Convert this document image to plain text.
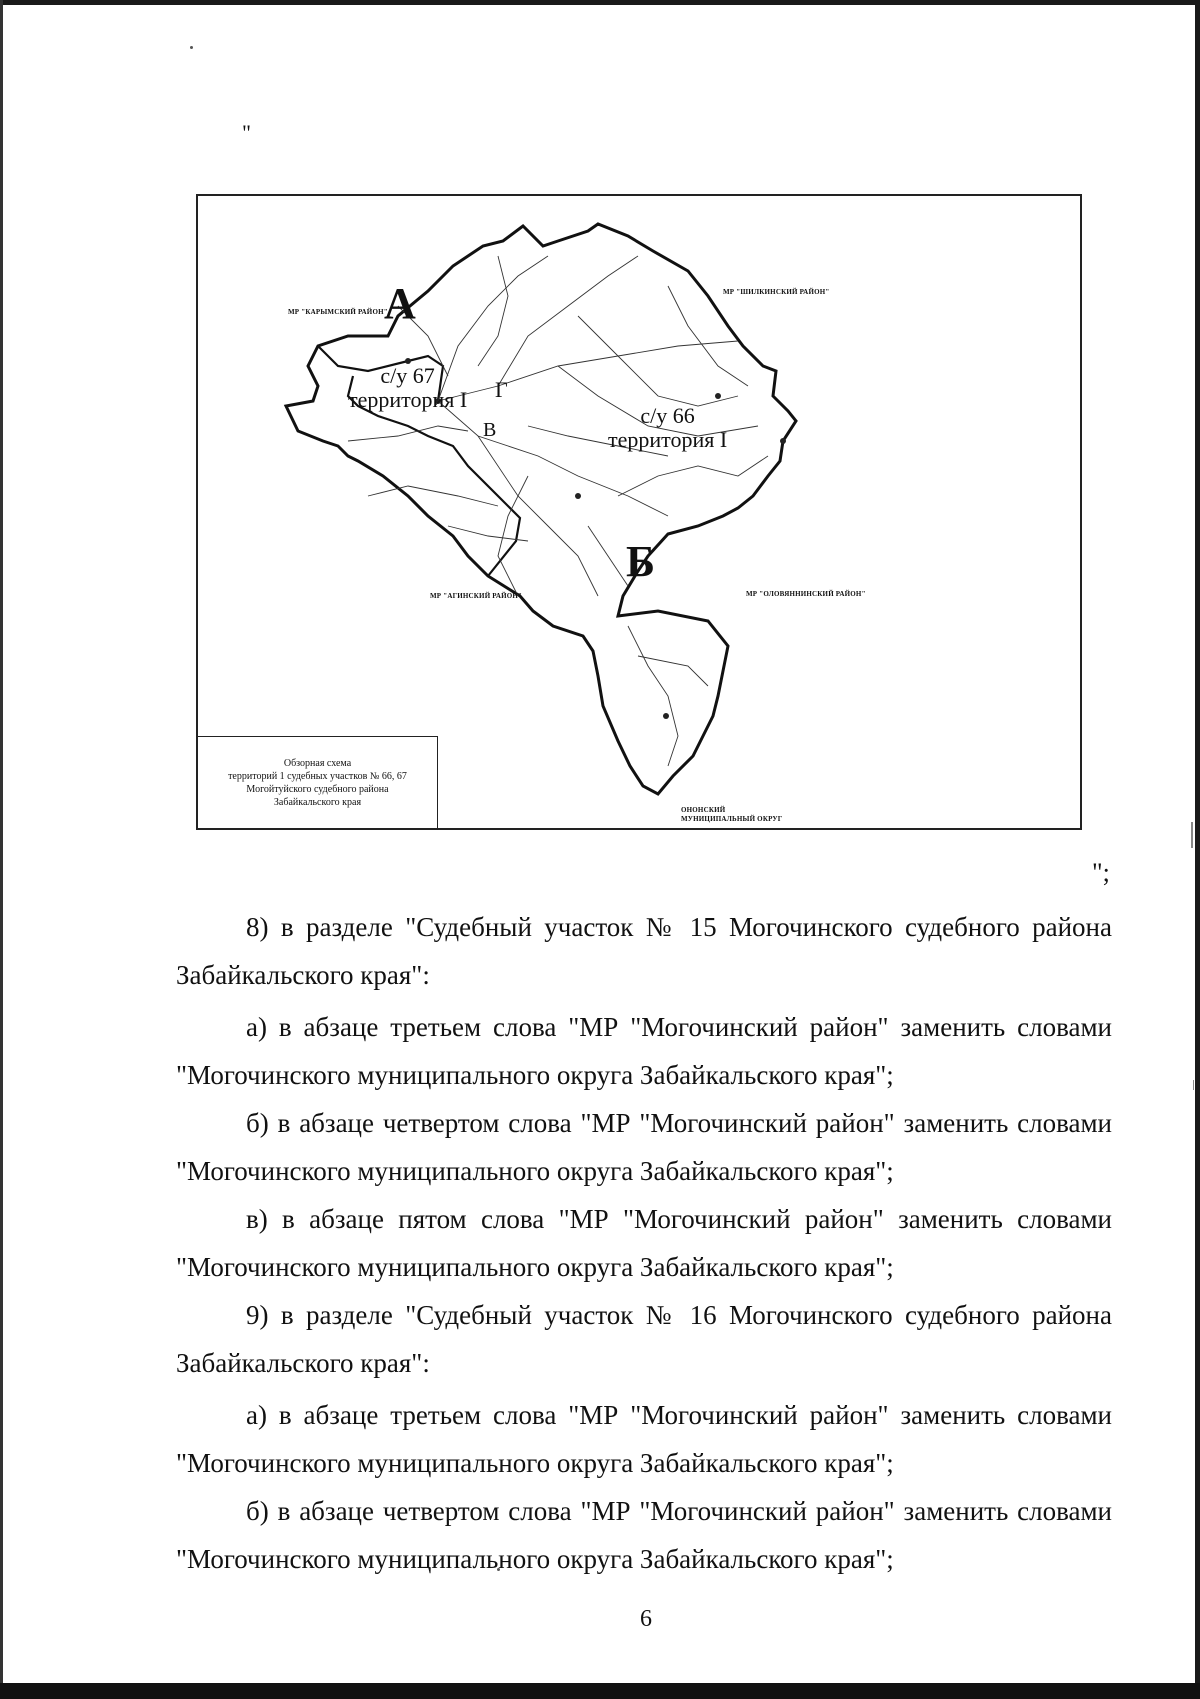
"
А
Б
Г
В
с/у 67
территория I
с/у 66
территория I
МР "КАРЫМСКИЙ РАЙОН"
МР "ШИЛКИНСКИЙ РАЙОН"
МР "АГИНСКИЙ РАЙОН"	МР "ОЛОВЯННИНСКИЙ РАЙОН"
ОНОНСКИЙ
МУНИЦИПАЛЬНЫЙ ОКРУГ
Обзорная схема
территорий 1 судебных участков № 66, 67
Могойтуйского судебного района
Забайкальского края
";

8) в разделе "Судебный участок № 15 Могочинского судебного района Забайкальского края":

а) в абзаце третьем слова "МР "Могочинский район" заменить словами "Могочинского муниципального округа Забайкальского края";

б) в абзаце четвертом слова "МР "Могочинский район" заменить словами "Могочинского муниципального округа Забайкальского края";

в) в абзаце пятом слова "МР "Могочинский район" заменить словами "Могочинского муниципального округа Забайкальского края";

9) в разделе "Судебный участок № 16 Могочинского судебного района Забайкальского края":

а) в абзаце третьем слова "МР "Могочинский район" заменить словами "Могочинского муниципального округа Забайкальского края";

б) в абзаце четвертом слова "МР "Могочинский район" заменить словами "Могочинского муниципального округа Забайкальского края";

6
